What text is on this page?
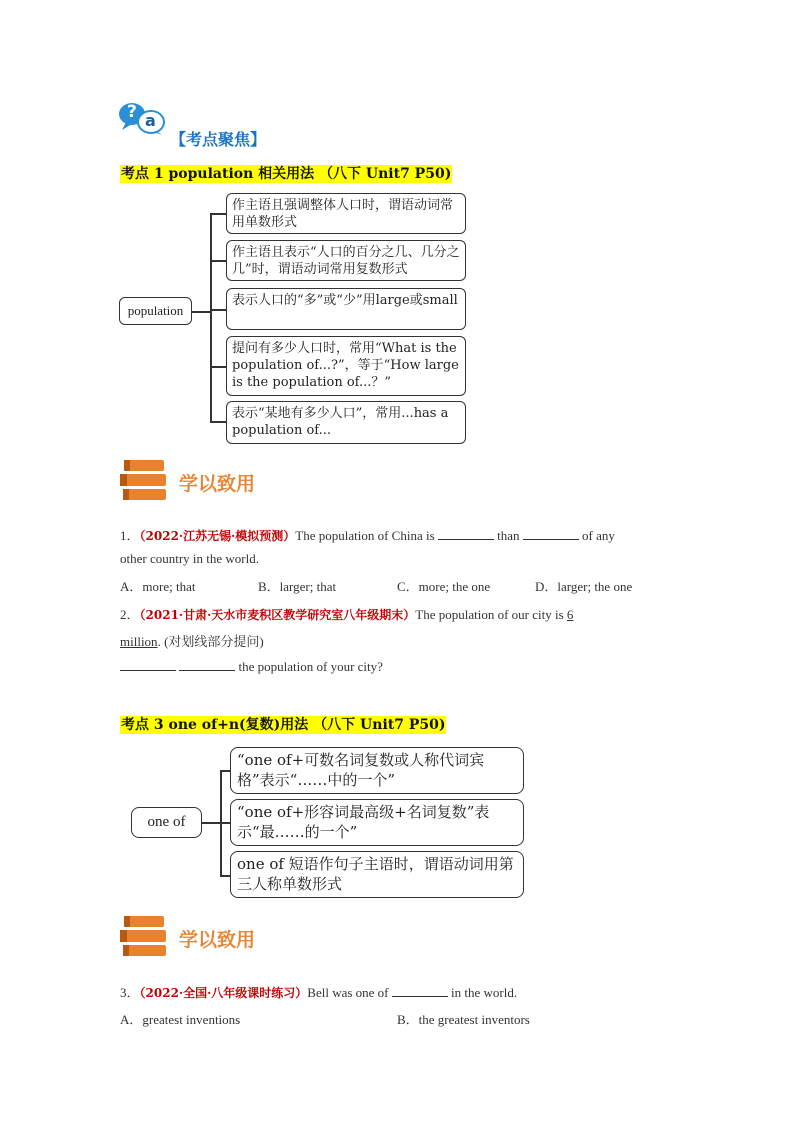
? a
【考点聚焦】
考点 1 population 相关用法 （八下 Unit7 P50)
population
作主语且强调整体人口时，谓语动词常用单数形式
作主语且表示“人口的百分之几、几分之几”时，谓语动词常用复数形式
表示人口的“多”或“少”用large或small
提问有多少人口时，常用“What is the population of...?”，等于“How large is the population of...？”
表示“某地有多少人口”，常用...has a population of...
学以致用
1．（2022·江苏无锡·模拟预测）The population of China is	than	of any
other country in the world.
A．more; that	B．larger; that	C．more; the one	D．larger; the one
2．（2021·甘肃·天水市麦积区教学研究室八年级期末）The population of our city is 6
million. (对划线部分提问)
the population of your city?
考点 3 one of+n(复数)用法 （八下 Unit7 P50)
one of
“one of+可数名词复数或人称代词宾格”表示“……中的一个”
“one of+形容词最高级+名词复数”表示“最……的一个”
one of 短语作句子主语时，谓语动词用第三人称单数形式
学以致用
3．（2022·全国·八年级课时练习）Bell was one of	in the world.
A．greatest inventions	B．the greatest inventors
